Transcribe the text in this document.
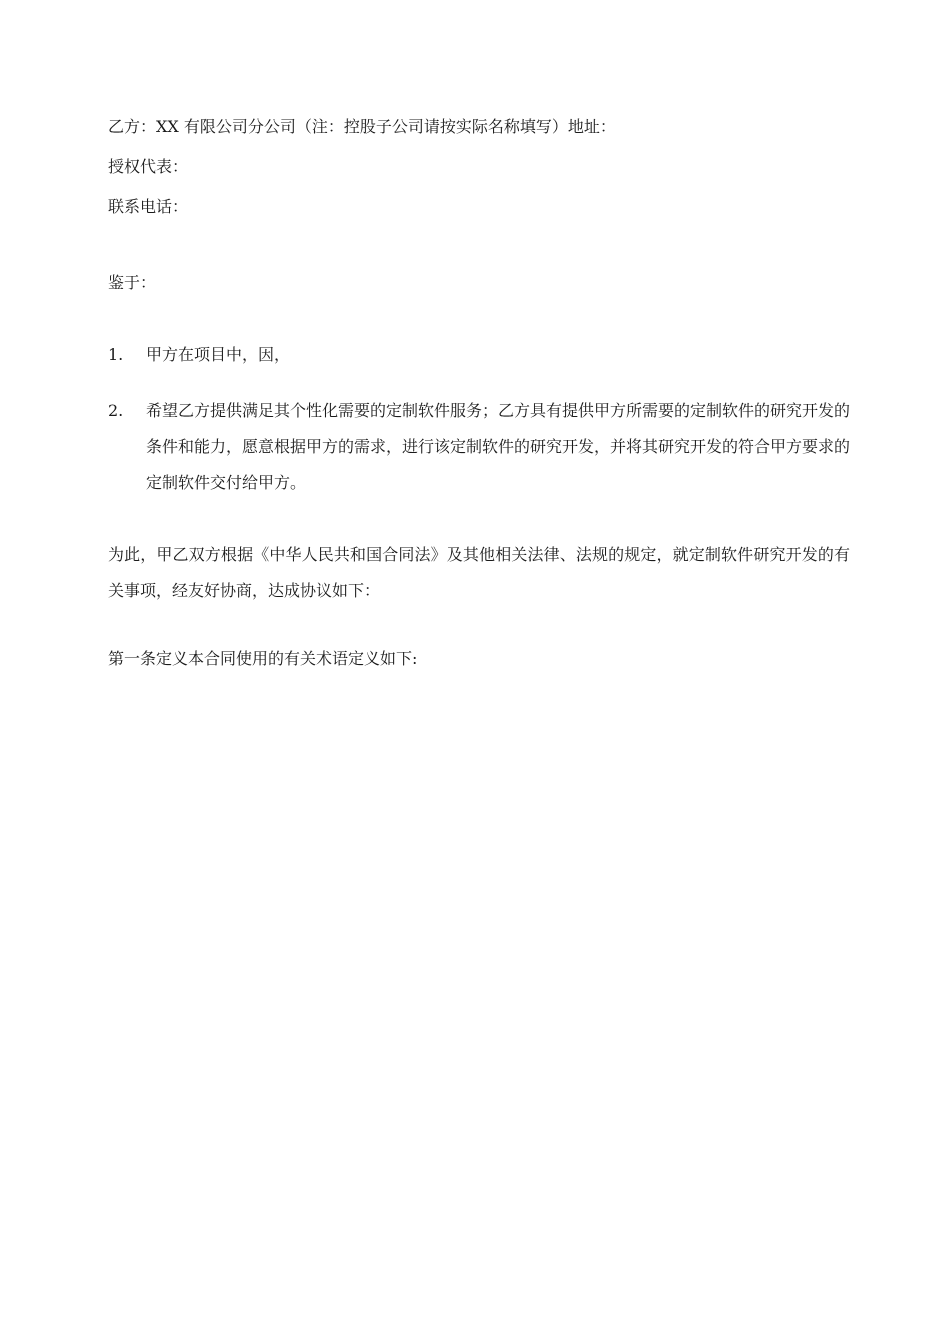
乙方：XX 有限公司分公司（注：控股子公司请按实际名称填写）地址：
授权代表：
联系电话：
鉴于：
1. 甲方在项目中，因，
2. 希望乙方提供满足其个性化需要的定制软件服务；乙方具有提供甲方所需要的定制软件的研究开发的条件和能力，愿意根据甲方的需求，进行该定制软件的研究开发，并将其研究开发的符合甲方要求的定制软件交付给甲方。
为此，甲乙双方根据《中华人民共和国合同法》及其他相关法律、法规的规定，就定制软件研究开发的有关事项，经友好协商，达成协议如下：
第一条定义本合同使用的有关术语定义如下:
